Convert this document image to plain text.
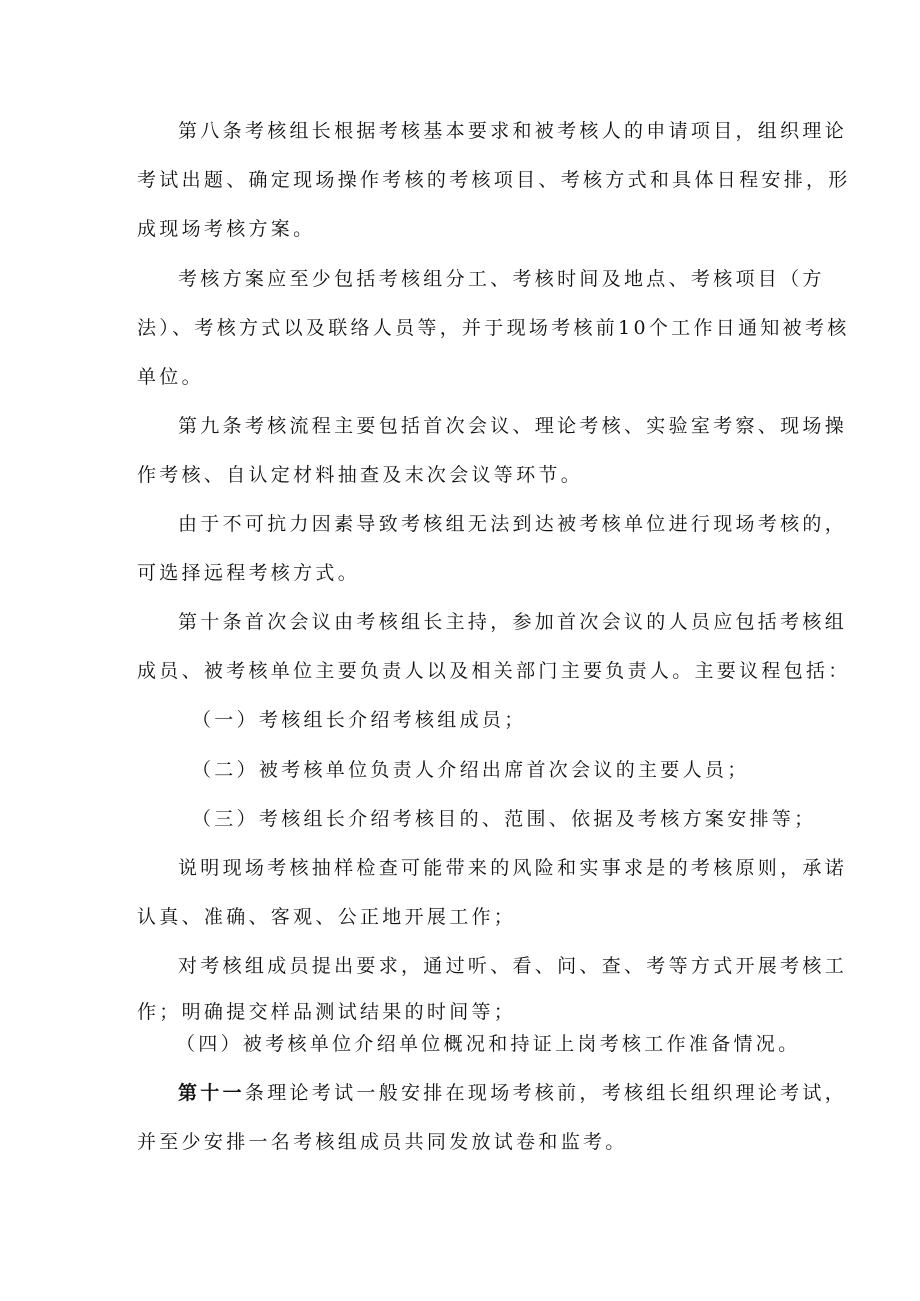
第八条考核组长根据考核基本要求和被考核人的申请项目，组织理论

考试出题、确定现场操作考核的考核项目、考核方式和具体日程安排，形

成现场考核方案。

考核方案应至少包括考核组分工、考核时间及地点、考核项目（方

法）、考核方式以及联络人员等，并于现场考核前10个工作日通知被考核

单位。

第九条考核流程主要包括首次会议、理论考核、实验室考察、现场操

作考核、自认定材料抽查及末次会议等环节。

由于不可抗力因素导致考核组无法到达被考核单位进行现场考核的，

可选择远程考核方式。

第十条首次会议由考核组长主持，参加首次会议的人员应包括考核组

成员、被考核单位主要负责人以及相关部门主要负责人。主要议程包括：

（一）考核组长介绍考核组成员；

（二）被考核单位负责人介绍出席首次会议的主要人员；

（三）考核组长介绍考核目的、范围、依据及考核方案安排等；

说明现场考核抽样检查可能带来的风险和实事求是的考核原则，承诺

认真、准确、客观、公正地开展工作；

对考核组成员提出要求，通过听、看、问、查、考等方式开展考核工

作；明确提交样品测试结果的时间等；

（四）被考核单位介绍单位概况和持证上岗考核工作准备情况。

第十一条理论考试一般安排在现场考核前，考核组长组织理论考试，

并至少安排一名考核组成员共同发放试卷和监考。
